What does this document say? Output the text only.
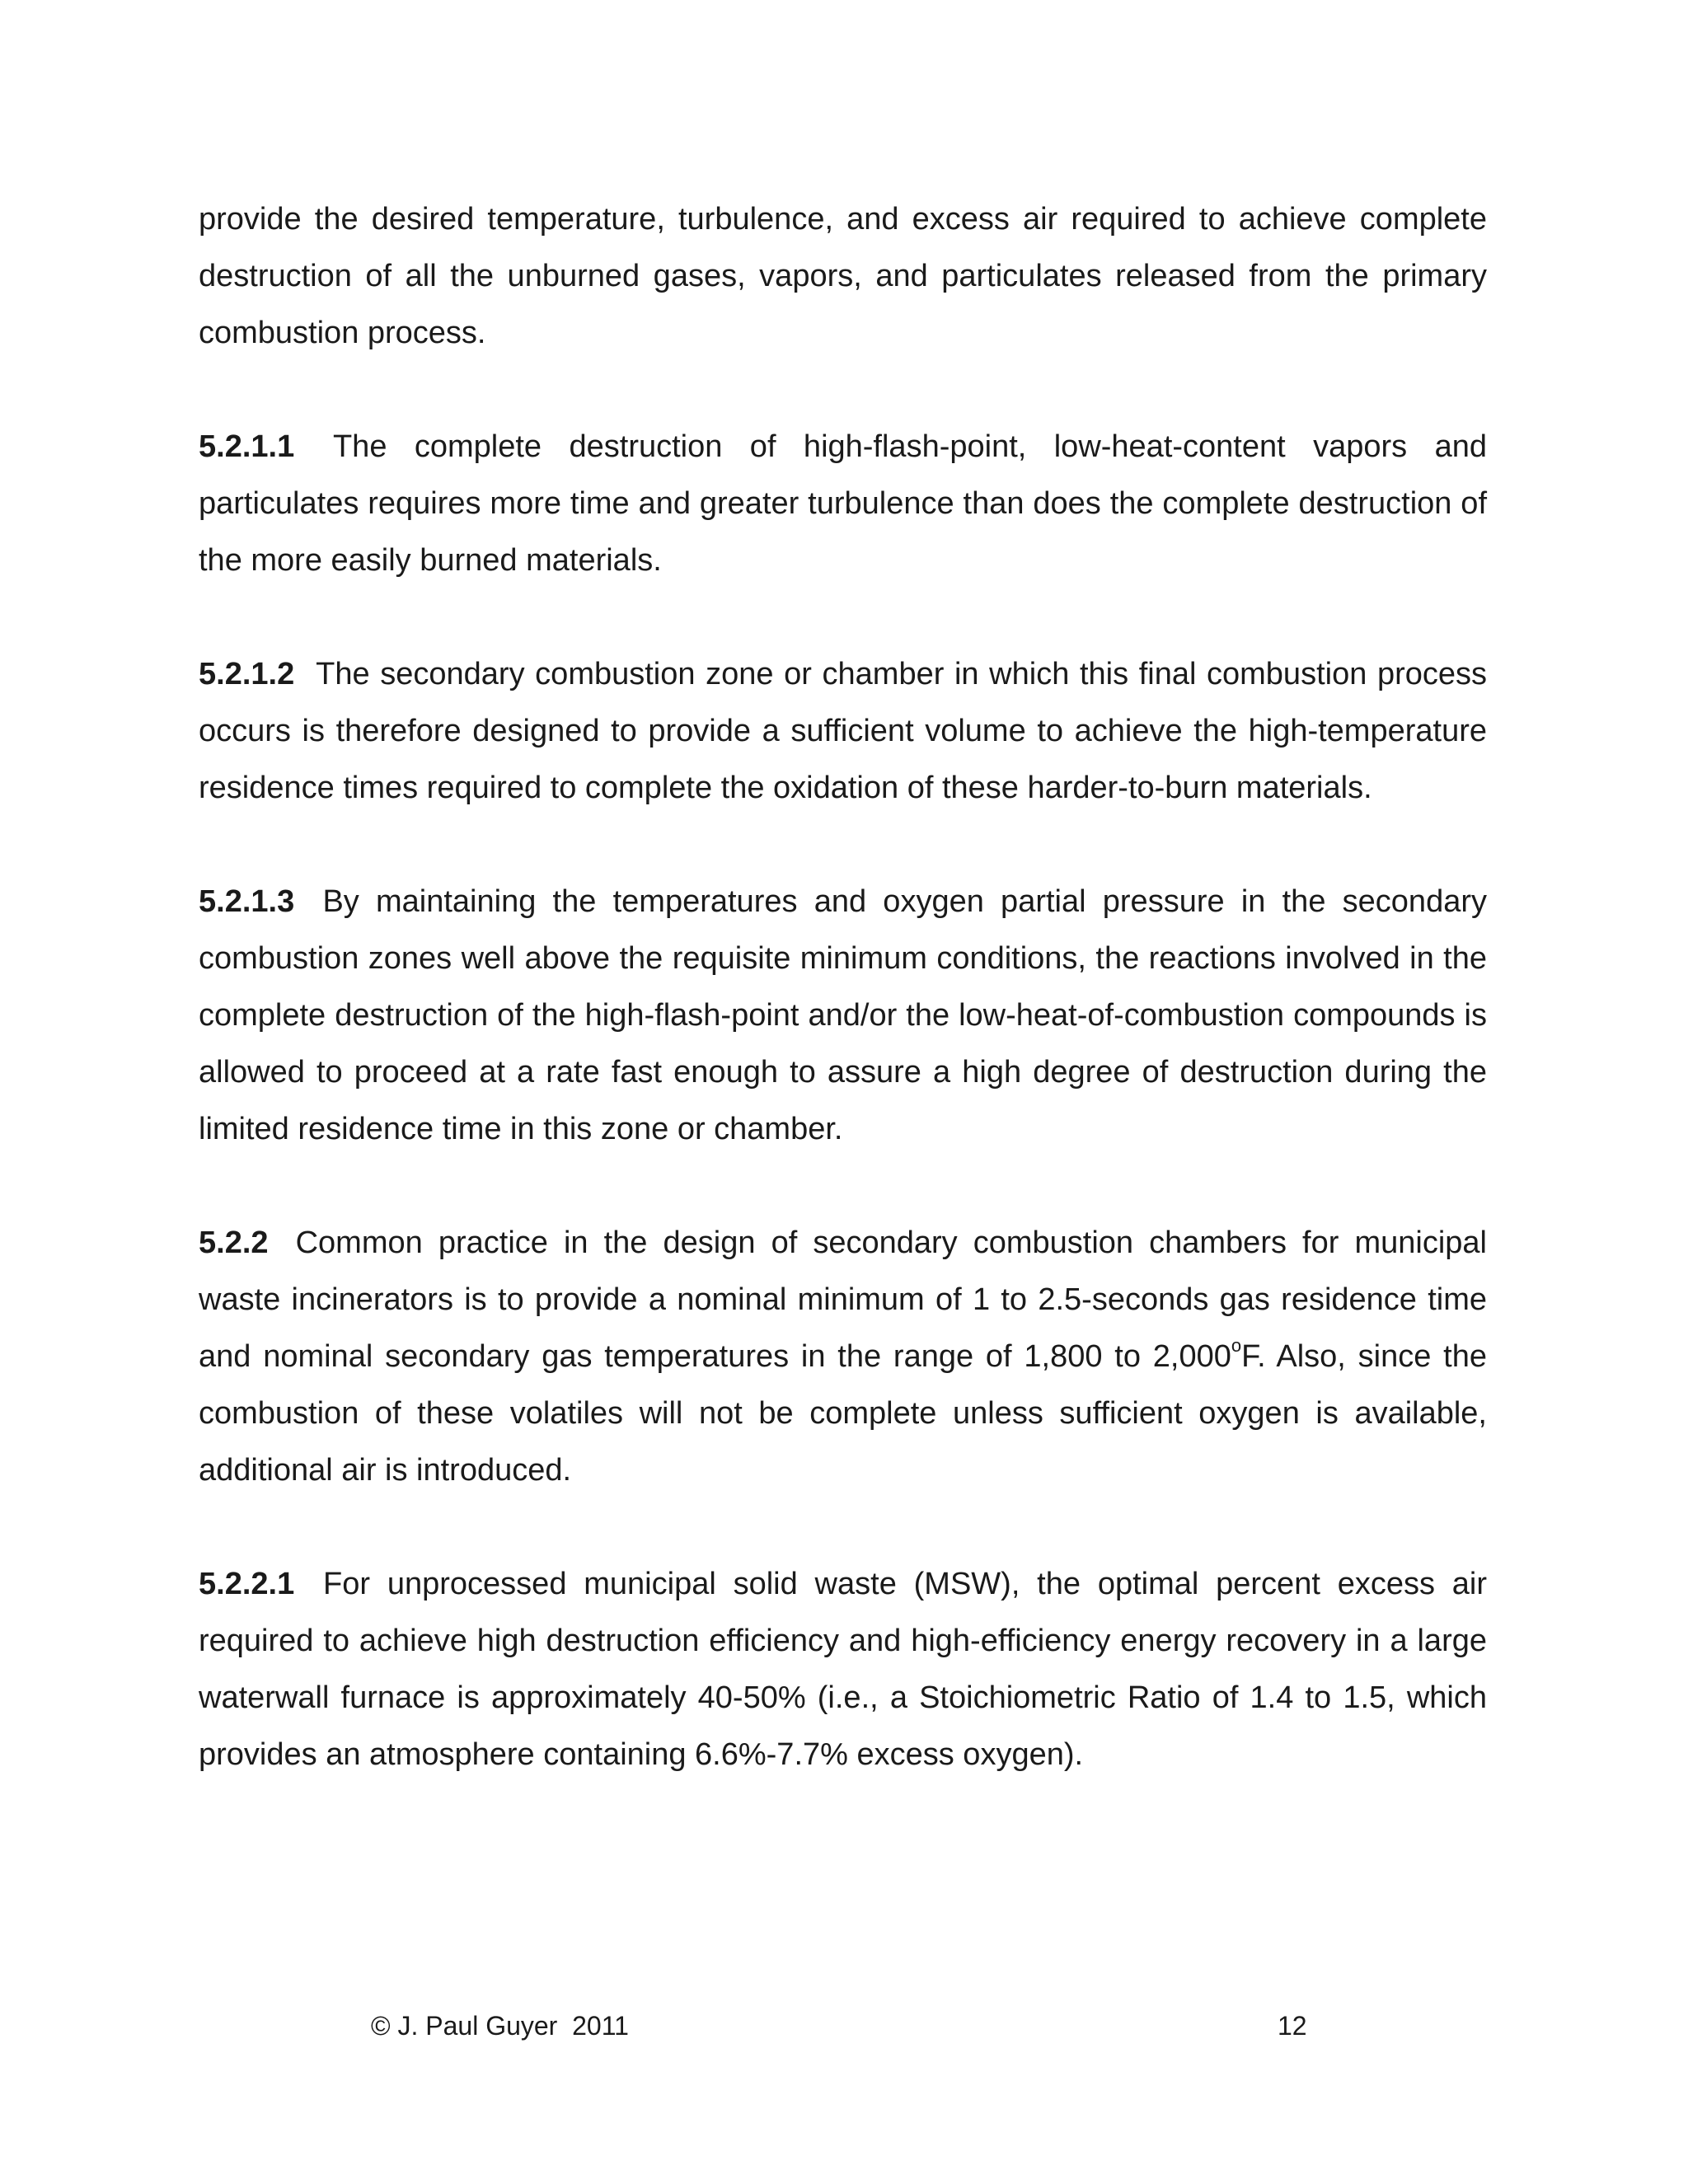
provide the desired temperature, turbulence, and excess air required to achieve complete destruction of all the unburned gases, vapors, and particulates released from the primary combustion process.

5.2.1.1 The complete destruction of high-flash-point, low-heat-content vapors and particulates requires more time and greater turbulence than does the complete destruction of the more easily burned materials.

5.2.1.2 The secondary combustion zone or chamber in which this final combustion process occurs is therefore designed to provide a sufficient volume to achieve the high-temperature residence times required to complete the oxidation of these harder-to-burn materials.

5.2.1.3 By maintaining the temperatures and oxygen partial pressure in the secondary combustion zones well above the requisite minimum conditions, the reactions involved in the complete destruction of the high-flash-point and/or the low-heat-of-combustion compounds is allowed to proceed at a rate fast enough to assure a high degree of destruction during the limited residence time in this zone or chamber.

5.2.2 Common practice in the design of secondary combustion chambers for municipal waste incinerators is to provide a nominal minimum of 1 to 2.5-seconds gas residence time and nominal secondary gas temperatures in the range of 1,800 to 2,000$^o$F. Also, since the combustion of these volatiles will not be complete unless sufficient oxygen is available, additional air is introduced.

5.2.2.1 For unprocessed municipal solid waste (MSW), the optimal percent excess air required to achieve high destruction efficiency and high-efficiency energy recovery in a large waterwall furnace is approximately 40-50% (i.e., a Stoichiometric Ratio of 1.4 to 1.5, which provides an atmosphere containing 6.6%-7.7% excess oxygen).

© J. Paul Guyer  2011	12
